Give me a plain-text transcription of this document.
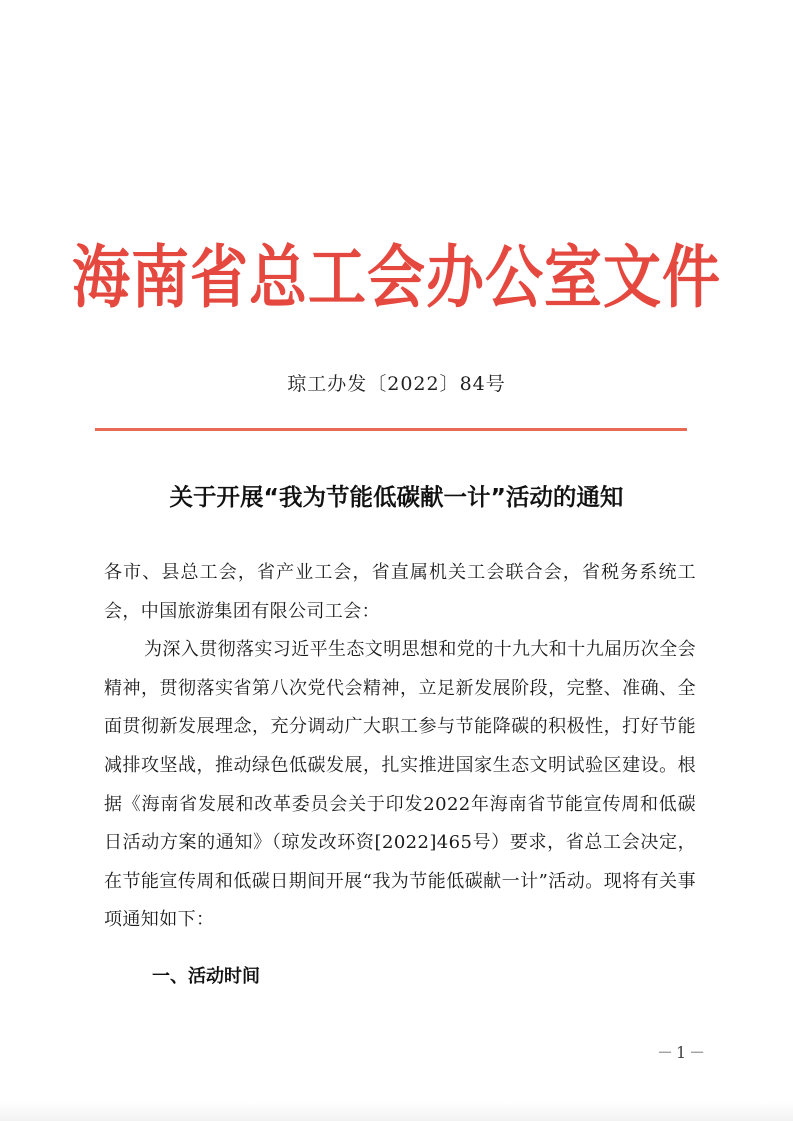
海南省总工会办公室文件
琼工办发〔2022〕84号
关于开展“我为节能低碳献一计”活动的通知

各市、县总工会，省产业工会，省直属机关工会联合会，省税务系统工会，中国旅游集团有限公司工会：

为深入贯彻落实习近平生态文明思想和党的十九大和十九届历次全会精神，贯彻落实省第八次党代会精神，立足新发展阶段，完整、准确、全面贯彻新发展理念，充分调动广大职工参与节能降碳的积极性，打好节能减排攻坚战，推动绿色低碳发展，扎实推进国家生态文明试验区建设。根据《海南省发展和改革委员会关于印发2022年海南省节能宣传周和低碳日活动方案的通知》（琼发改环资[2022]465号）要求，省总工会决定，在节能宣传周和低碳日期间开展“我为节能低碳献一计”活动。现将有关事项通知如下：

一、活动时间
－1－
